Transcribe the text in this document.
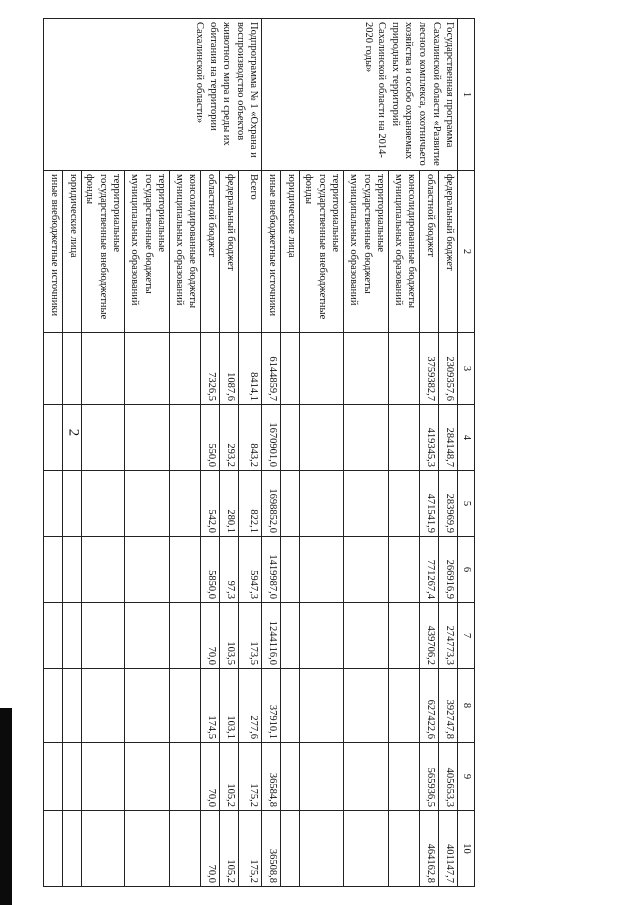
2
1	2	3	4	5	6	7	8	9	10

Государственная программа Сахалинской области «Развитие лесного комплекса, охотничьего хозяйства и особо охраняемых природных территорий Сахалинской области на 2014-2020 годы»	федеральный бюджет	2309357,6	284148,7	283969,9	266916,9	274773,3	392747,8	405653,3	401147,7
	областной бюджет	3759382,7	419345,3	471541,9	771267,4	439706,2	627422,6	565936,5	464162,8
	консолидированные бюджеты муниципальных образований								
	территориальные государственные бюджеты муниципальных образований								
	территориальные государственные внебюджетные фонды								
	юридические лица								
	иные внебюджетные источники	6144859,7	1670901,0	1698852,0	1419987,0	1244116,0	37910,1	36584,8	36508,8

Подпрограмма № 1 «Охрана и воспроизводство объектов животного мира и среды их обитания на территории Сахалинской области»	Всего	8414,1	843,2	822,1	5947,3	173,5	277,6	175,2	175,2
	федеральный бюджет	1087,6	293,2	280,1	97,3	103,5	103,1	105,2	105,2
	областной бюджет	7326,5	550,0	542,0	5850,0	70,0	174,5	70,0	70,0
	консолидированные бюджеты муниципальных образований								
	территориальные государственные бюджеты муниципальных образований								
	территориальные государственные внебюджетные фонды								
	юридические лица								
	иные внебюджетные источники								
